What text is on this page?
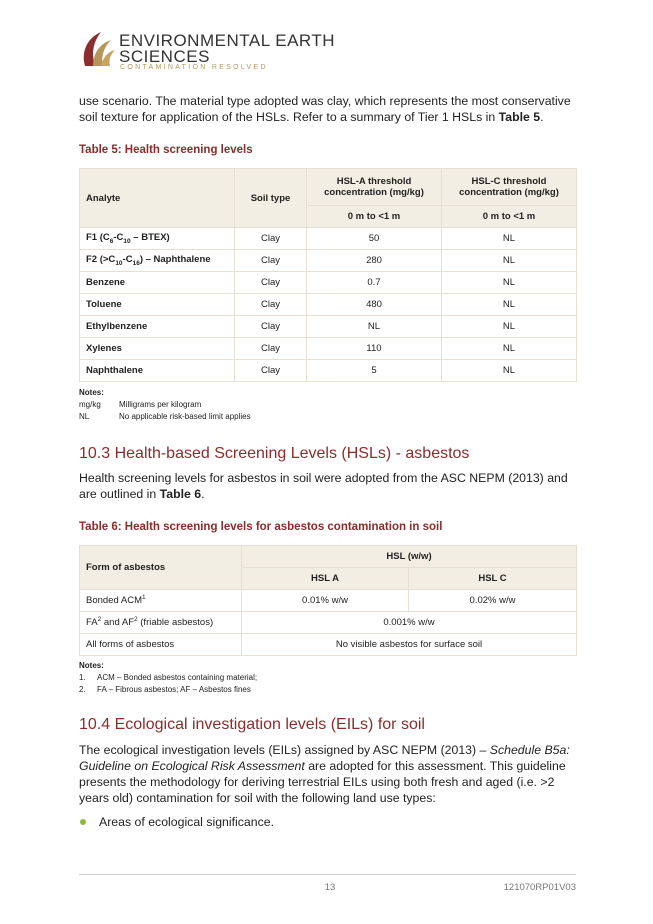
ENVIRONMENTAL EARTH
SCIENCES
CONTAMINATION RESOLVED

use scenario. The material type adopted was clay, which represents the most conservative soil texture for application of the HSLs. Refer to a summary of Tier 1 HSLs in Table 5.

Table 5: Health screening levels
Analyte	Soil type	HSL-A threshold concentration (mg/kg)	HSL-C threshold concentration (mg/kg)
		0 m to <1 m	0 m to <1 m
F1 ($C_6-C_{10}$ – BTEX)	Clay	50	NL
F2 $(>C_{10}-C_{16})$ – Naphthalene	Clay	280	NL
Benzene	Clay	0.7	NL
Toluene	Clay	480	NL
Ethylbenzene	Clay	NL	NL
Xylenes	Clay	110	NL
Naphthalene	Clay	5	NL
Notes:
mg/kg	Milligrams per kilogram
NL	No applicable risk-based limit applies
10.3 Health-based Screening Levels (HSLs) - asbestos

Health screening levels for asbestos in soil were adopted from the ASC NEPM (2013) and are outlined in Table 6.

Table 6: Health screening levels for asbestos contamination in soil
Form of asbestos	HSL (w/w)	
	HSL A	HSL C
Bonded ACM$^1$	0.01% w/w	0.02% w/w
$FA^2$ and $AF^2$ (friable asbestos)	0.001% w/w	
All forms of asbestos	No visible asbestos for surface soil	
Notes:
1.	ACM – Bonded asbestos containing material;
2.	FA – Fibrous asbestos; AF – Asbestos fines
10.4 Ecological investigation levels (EILs) for soil

The ecological investigation levels (EILs) assigned by ASC NEPM (2013) – Schedule B5a: Guideline on Ecological Risk Assessment are adopted for this assessment. This guideline presents the methodology for deriving terrestrial EILs using both fresh and aged (i.e. >2 years old) contamination for soil with the following land use types:

Areas of ecological significance.
13	121070RP01V03
